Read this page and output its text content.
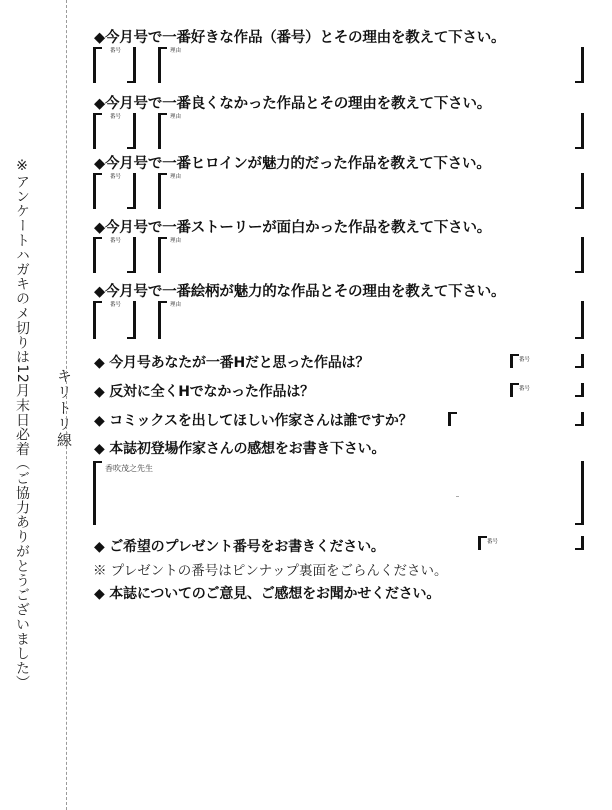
※アンケートハガキのメ切りは12月末日必着（ご協力ありがとうございました） キリトリ線
◆今月号で一番好きな作品（番号）とその理由を教えて下さい。
番号	理由
◆今月号で一番良くなかった作品とその理由を教えて下さい。
番号	理由
◆今月号で一番ヒロインが魅力的だった作品を教えて下さい。
番号	理由
◆今月号で一番ストーリーが面白かった作品を教えて下さい。
番号	理由
◆今月号で一番絵柄が魅力的な作品とその理由を教えて下さい。
番号	理由
◆ 今月号あなたが一番Hだと思った作品は？	番号
◆ 反対に全くHでなかった作品は？	番号
◆ コミックスを出してほしい作家さんは誰ですか？
◆ 本誌初登場作家さんの感想をお書き下さい。
香吹茂之先生
◆ ご希望のプレゼント番号をお書きください。	番号
※ プレゼントの番号はピンナップ裏面をごらんください。
◆ 本誌についてのご意見、ご感想をお聞かせください。
